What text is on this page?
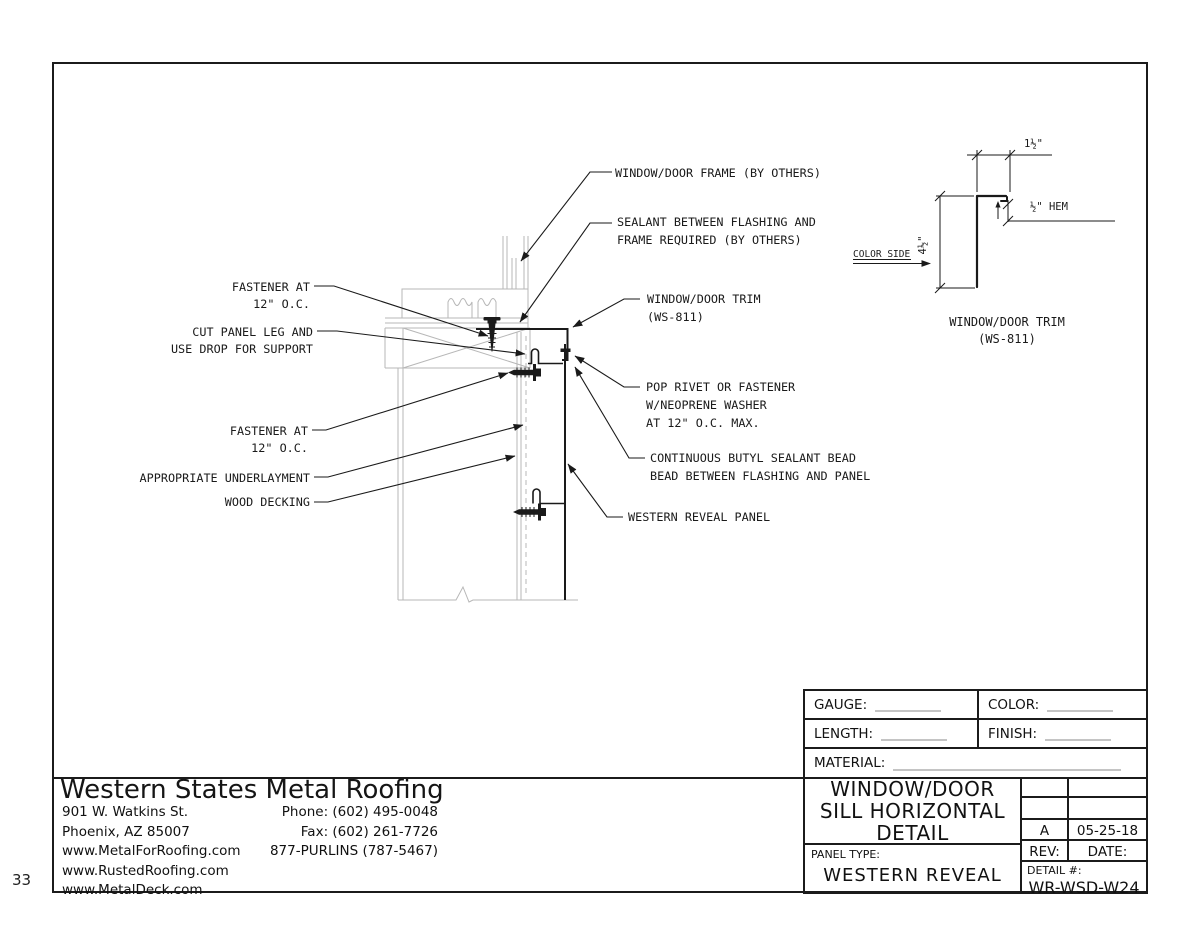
33
WINDOW/DOOR FRAME (BY OTHERS)
SEALANT BETWEEN FLASHING AND
FRAME REQUIRED (BY OTHERS)
WINDOW/DOOR TRIM
(WS-811)
POP RIVET OR FASTENER
W/NEOPRENE WASHER
AT 12" O.C. MAX.
CONTINUOUS BUTYL SEALANT BEAD
BEAD BETWEEN FLASHING AND PANEL
WESTERN REVEAL PANEL
FASTENER AT
12" O.C.
CUT PANEL LEG AND
USE DROP FOR SUPPORT
FASTENER AT
12" O.C.
APPROPRIATE UNDERLAYMENT
WOOD DECKING
1½"
½" HEM
4½"
COLOR SIDE
WINDOW/DOOR TRIM
(WS-811)
GAUGE:	COLOR:
LENGTH:	FINISH:
MATERIAL:
WINDOW/DOOR
SILL HORIZONTAL
DETAIL
PANEL TYPE:
WESTERN REVEAL
A	05-25-18
REV:	DATE:
DETAIL #:
WR-WSD-W24
Western States Metal Roofing
901 W. Watkins St.
Phoenix, AZ 85007
www.MetalForRoofing.com
www.RustedRoofing.com
www.MetalDeck.com
Phone: (602) 495-0048
Fax: (602) 261-7726
877-PURLINS (787-5467)
